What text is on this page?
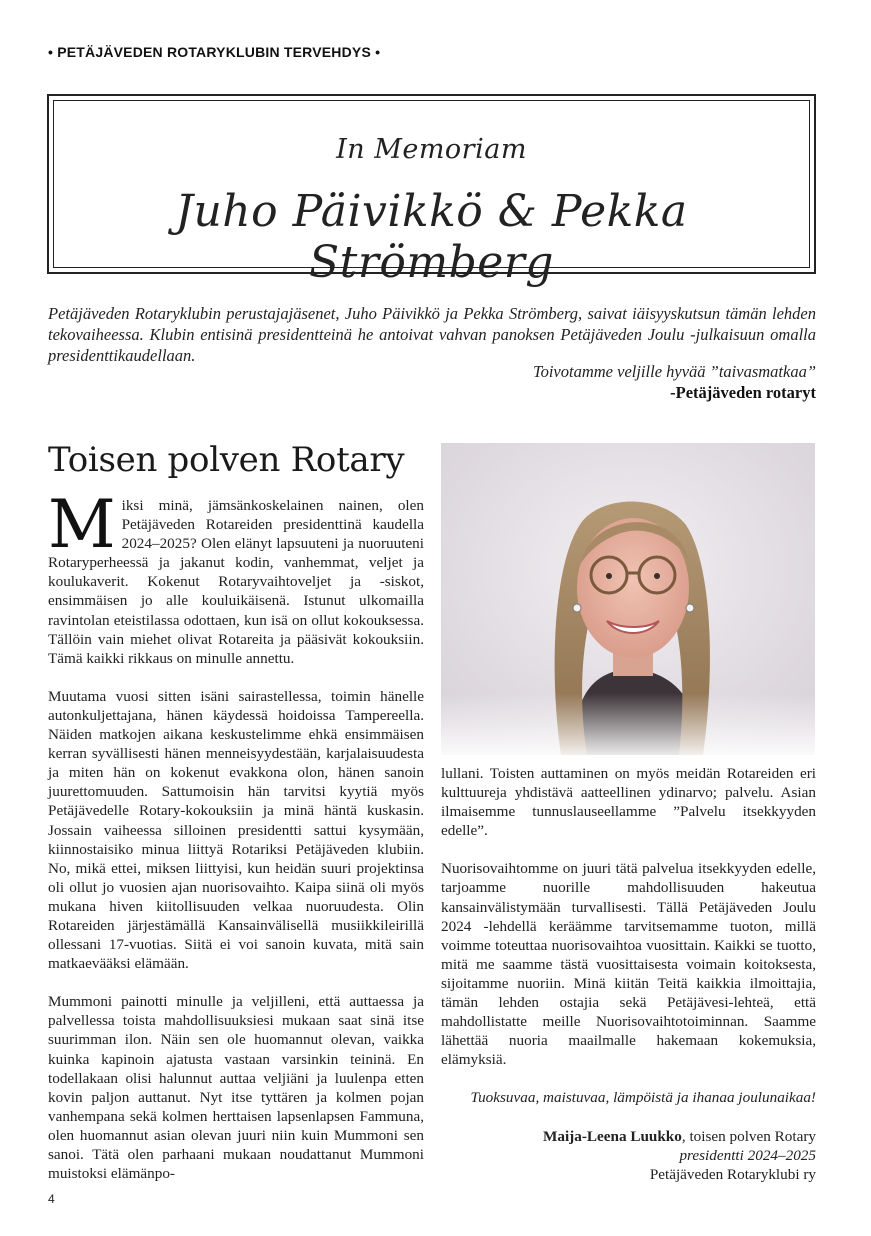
• PETÄJÄVEDEN ROTARYKLUBIN TERVEHDYS •
In Memoriam
Juho Päivikkö & Pekka Strömberg
Petäjäveden Rotaryklubin perustajajäsenet, Juho Päivikkö ja Pekka Strömberg, saivat iäisyyskutsun tämän lehden tekovaiheessa. Klubin entisinä presidentteinä he antoivat vahvan panoksen Petäjäveden Joulu -julkaisuun omalla presidenttikaudellaan.
Toivotamme veljille hyvää ”taivasmatkaa”
-Petäjäveden rotaryt
Toisen polven Rotary

Miksi minä, jämsänkoskelainen nainen, olen Petäjäveden Rotareiden presidenttinä kaudella 2024–2025? Olen elänyt lapsuuteni ja nuoruuteni Rotaryperheessä ja jakanut kodin, vanhemmat, veljet ja koulukaverit. Kokenut Rotaryvaihtoveljet ja -siskot, ensimmäisen jo alle kouluikäisenä. Istunut ulkomailla ravintolan eteistilassa odottaen, kun isä on ollut kokouksessa. Tällöin vain miehet olivat Rotareita ja pääsivät kokouksiin. Tämä kaikki rikkaus on minulle annettu.

Muutama vuosi sitten isäni sairastellessa, toimin hänelle autonkuljettajana, hänen käydessä hoidoissa Tampereella. Näiden matkojen aikana keskustelimme ehkä ensimmäisen kerran syvällisesti hänen menneisyydestään, karjalaisuudesta ja miten hän on kokenut evakkona olon, hänen sanoin juurettomuuden. Sattumoisin hän tarvitsi kyytiä myös Petäjävedelle Rotary-kokouksiin ja minä häntä kuskasin. Jossain vaiheessa silloinen presidentti sattui kysymään, kiinnostaisiko minua liittyä Rotariksi Petäjäveden klubiin. No, mikä ettei, miksen liittyisi, kun heidän suuri projektinsa oli ollut jo vuosien ajan nuorisovaihto. Kaipa siinä oli myös mukana hiven kiitollisuuden velkaa nuoruudesta. Olin Rotareiden järjestämällä Kansainvälisellä musiikkileirillä ollessani 17-vuotias. Siitä ei voi sanoin kuvata, mitä sain matkaevääksi elämään.

Mummoni painotti minulle ja veljilleni, että auttaessa ja palvellessa toista mahdollisuuksiesi mukaan saat sinä itse suurimman ilon. Näin sen ole huomannut olevan, vaikka kuinka kapinoin ajatusta vastaan varsinkin teininä. En todellakaan olisi halunnut auttaa veljiäni ja luulenpa etten kovin paljon auttanut. Nyt itse tyttären ja kolmen pojan vanhempana sekä kolmen herttaisen lapsenlapsen Fammuna, olen huomannut asian olevan juuri niin kuin Mummoni sen sanoi. Tätä olen parhaani mukaan noudattanut Mummoni muistoksi elämänpo-

lullani. Toisten auttaminen on myös meidän Rotareiden eri kulttuureja yhdistävä aatteellinen ydinarvo; palvelu. Asian ilmaisemme tunnuslauseellamme ”Palvelu itsekkyyden edelle”.

Nuorisovaihtomme on juuri tätä palvelua itsekkyyden edelle, tarjoamme nuorille mahdollisuuden hakeutua kansainvälistymään turvallisesti. Tällä Petäjäveden Joulu 2024 -lehdellä keräämme tarvitsemamme tuoton, millä voimme toteuttaa nuorisovaihtoa vuosittain. Kaikki se tuotto, mitä me saamme tästä vuosittaisesta voimain koitoksesta, sijoitamme nuoriin. Minä kiitän Teitä kaikkia ilmoittajia, tämän lehden ostajia sekä Petäjävesi-lehteä, että mahdollistatte meille Nuorisovaihtotoiminnan. Saamme lähettää nuoria maailmalle hakemaan kokemuksia, elämyksiä.

Tuoksuvaa, maistuvaa, lämpöistä ja ihanaa joulunaikaa!
Maija-Leena Luukko, toisen polven Rotary
presidentti 2024–2025
Petäjäveden Rotaryklubi ry
4
